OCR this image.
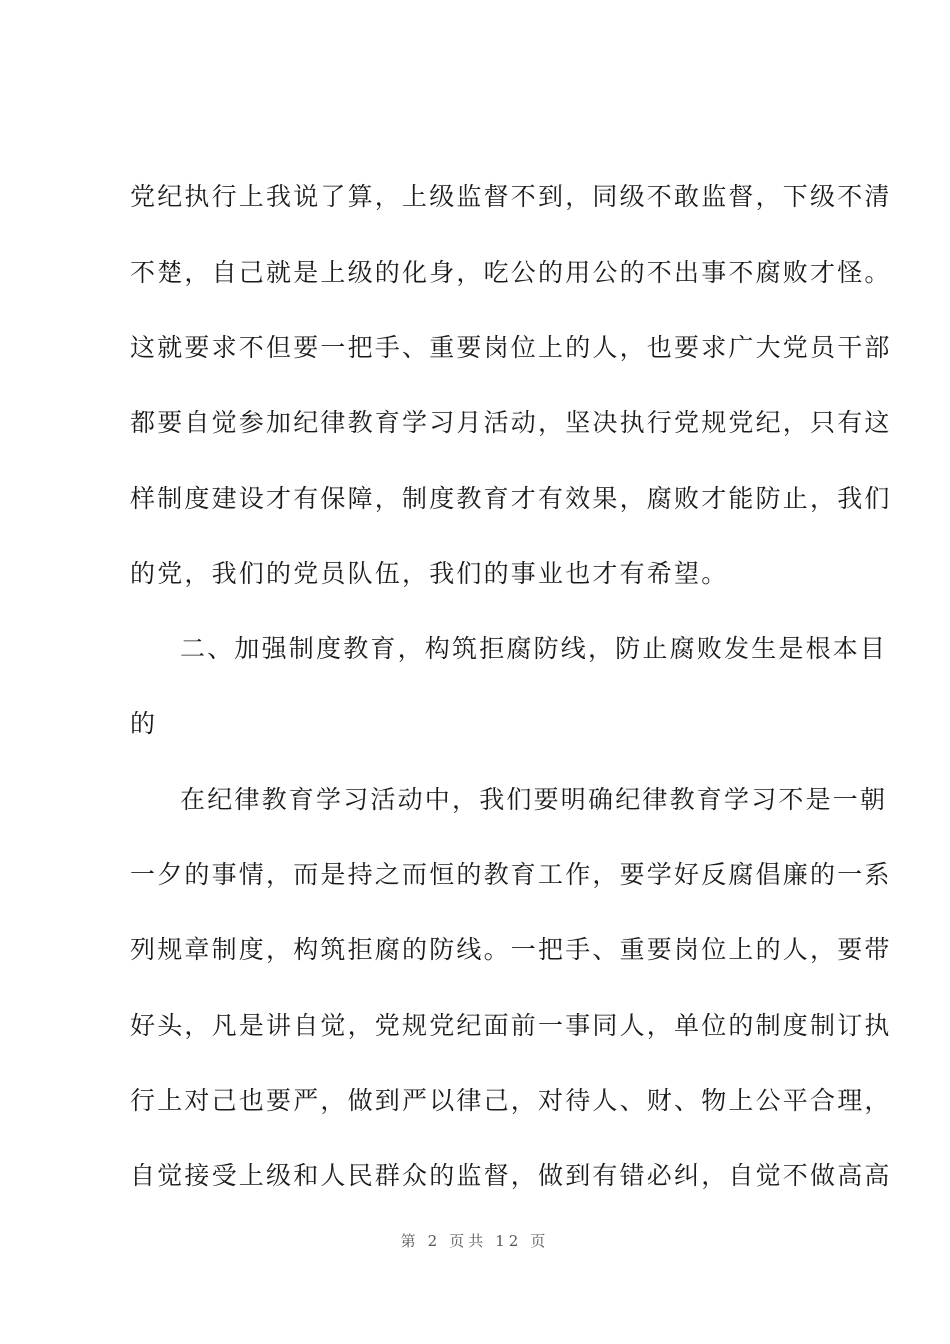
党纪执行上我说了算，上级监督不到，同级不敢监督，下级不清
不楚，自己就是上级的化身，吃公的用公的不出事不腐败才怪。
这就要求不但要一把手、重要岗位上的人，也要求广大党员干部
都要自觉参加纪律教育学习月活动，坚决执行党规党纪，只有这
样制度建设才有保障，制度教育才有效果，腐败才能防止，我们
的党，我们的党员队伍，我们的事业也才有希望。
二、加强制度教育，构筑拒腐防线，防止腐败发生是根本目
的
在纪律教育学习活动中，我们要明确纪律教育学习不是一朝
一夕的事情，而是持之而恒的教育工作，要学好反腐倡廉的一系
列规章制度，构筑拒腐的防线。一把手、重要岗位上的人，要带
好头，凡是讲自觉，党规党纪面前一事同人，单位的制度制订执
行上对己也要严，做到严以律己，对待人、财、物上公平合理，
自觉接受上级和人民群众的监督，做到有错必纠，自觉不做高高
第 2 页共 12 页
